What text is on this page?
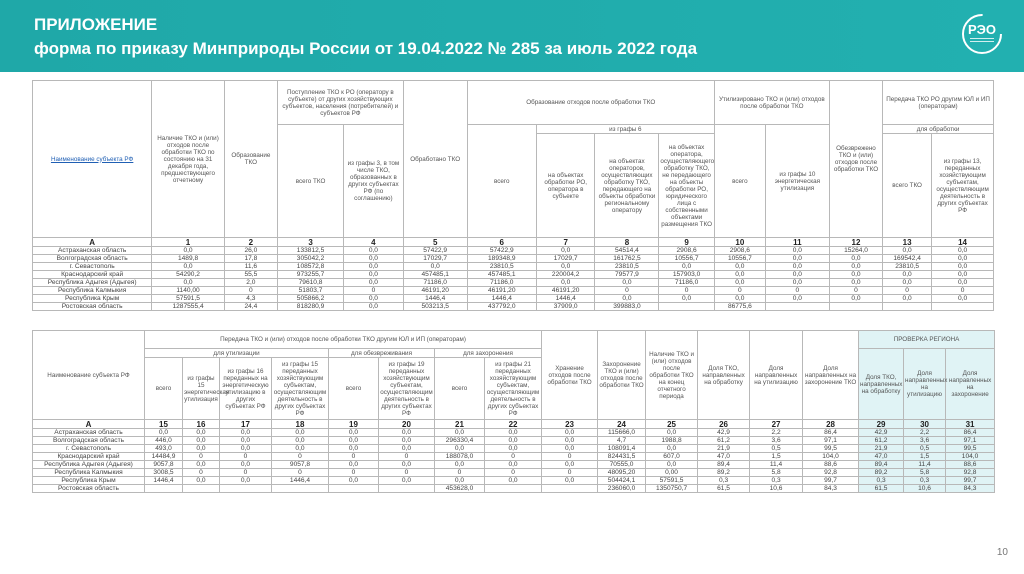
ПРИЛОЖЕНИЕ
форма по приказу Минприроды России от 19.04.2022 № 285 за июль 2022 года
РЭО
Наименование субъекта РФ	Наличие ТКО и (или) отходов после обработки ТКО по состоянию на 31 декабря года, предшествующего отчетному	Образование ТКО	Поступление ТКО к РО (оператору в субъекте) от других хозяйствующих субъектов, населения (потребителей) и субъектов РФ		Обработано ТКО	Образование отходов после обработки ТКО				Утилизировано ТКО и (или) отходов после обработки ТКО		Обезврежено ТКО и (или) отходов после обработки ТКО	Передача ТКО РО другим ЮЛ и ИП (операторам)	
			всего ТКО	из графы 3, в том числе ТКО, образованных в других субъектах РФ (по соглашению)		всего	из графы 6			всего	из графы 10 энергетическая утилизация		для обработки	
							на объектах обработки РО, оператора в субъекте	на объектах операторов, осуществляющих обработку ТКО, передающего на объекты обработки региональному оператору	на объектах оператора, осуществляющего обработку ТКО, не передающего на объекты обработки РО, юридического лица с собственными объектами размещения ТКО				всего ТКО	из графы 13, переданных хозяйствующим субъектам, осуществляющим деятельность в других субъектах РФ
А	1	2	3	4	5	6	7	8	9	10	11	12	13	14
Астраханская область	0,0	26,0	133812,5	0,0	57422,9	57422,9	0,0	54514,4	2908,6	2908,6	0,0	15264,0	0,0	0,0
Волгоградская область	1489,8	17,8	305042,2	0,0	17029,7	189348,9	17029,7	161762,5	10556,7	10556,7	0,0	0,0	169542,4	0,0
г. Севастополь	0,0	11,6	108572,8	0,0	0,0	23810,5	0,0	23810,5	0,0	0,0	0,0	0,0	23810,5	0,0
Краснодарский край	54290,2	55,5	973255,7	0,0	457485,1	457485,1	220004,2	79577,9	157903,0	0,0	0,0	0,0	0,0	0,0
Республика Адыгея (Адыгея)	0,0	2,0	79610,8	0,0	71186,0	71186,0	0,0	0,0	71186,0	0,0	0,0	0,0	0,0	0,0
Республика Калмыкия	1140,00	0	51803,7	0	46191,20	46191,20	46191,20	0	0	0	0	0	0	0
Республика Крым	57591,5	4,3	505866,2	0,0	1446,4	1446,4	1446,4	0,0	0,0	0,0	0,0	0,0	0,0	0,0
Ростовская область	1287555,4	24,4	818280,9	0,0	503213,5	437792,0	37909,0	399883,0		86775,6				
Наименование субъекта РФ	Передача ТКО и (или) отходов после обработки ТКО другим ЮЛ и ИП (операторам)								Хранение отходов после обработки ТКО	Захоронение ТКО и (или) отходов после обработки ТКО	Наличие ТКО и (или) отходов после обработки ТКО на конец отчетного периода	Доля ТКО, направленных на обработку	Доля направленных на утилизацию	Доля направленных на захоронение ТКО	ПРОВЕРКА РЕГИОНА		
	для утилизации				для обезвреживания		для захоронения								Доля ТКО, направленных на обработку	Доля направленных на утилизацию	Доля направленных на захоронение
	всего	из графы 15 энергетическая утилизация	из графы 16 переданных на энергетическую утилизацию в других субъектах РФ	из графы 15 переданных хозяйствующим субъектам, осуществляющим деятельность в других субъектах РФ	всего	из графы 19 переданных хозяйствующим субъектам, осуществляющим деятельность в других субъектах РФ	всего	из графы 21 переданных хозяйствующим субъектам, осуществляющим деятельность в других субъектах РФ									
А	15	16	17	18	19	20	21	22	23	24	25	26	27	28	29	30	31
Астраханская область	0,0	0,0	0,0	0,0	0,0	0,0	0,0	0,0	0,0	115666,0	0,0	42,9	2,2	86,4	42,9	2,2	86,4
Волгоградская область	446,0	0,0	0,0	0,0	0,0	0,0	296330,4	0,0	0,0	4,7	1988,8	61,2	3,6	97,1	61,2	3,6	97,1
г. Севастополь	493,0	0,0	0,0	0,0	0,0	0,0	0,0	0,0	0,0	108091,4	0,0	21,9	0,5	99,5	21,9	0,5	99,5
Краснодарский край	14484,9	0	0	0	0	0	188078,0	0	0	824431,5	607,0	47,0	1,5	104,0	47,0	1,5	104,0
Республика Адыгея (Адыгея)	9057,8	0,0	0,0	9057,8	0,0	0,0	0,0	0,0	0,0	70555,0	0,0	89,4	11,4	88,6	89,4	11,4	88,6
Республика Калмыкия	3008,5	0	0	0	0	0	0	0	0	48095,20	0,00	89,2	5,8	92,8	89,2	5,8	92,8
Республика Крым	1446,4	0,0	0,0	1446,4	0,0	0,0	0,0	0,0	0,0	504424,1	57591,5	0,3	0,3	99,7	0,3	0,3	99,7
Ростовская область							453628,0			236060,0	1350750,7	61,5	10,6	84,3	61,5	10,6	84,3
10
